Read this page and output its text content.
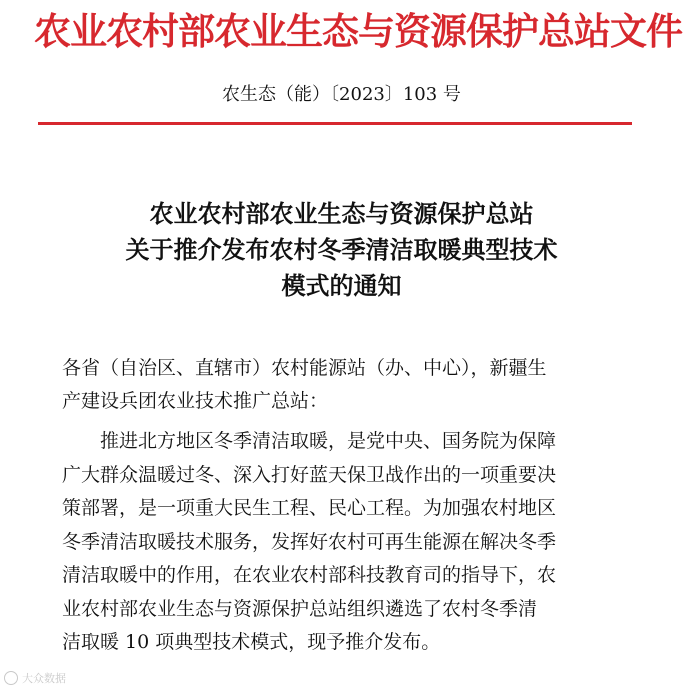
农业农村部农业生态与资源保护总站文件
农生态（能）〔2023〕103 号
农业农村部农业生态与资源保护总站
关于推介发布农村冬季清洁取暖典型技术
模式的通知
各省（自治区、直辖市）农村能源站（办、中心），新疆生
产建设兵团农业技术推广总站：
推进北方地区冬季清洁取暖，是党中央、国务院为保障
广大群众温暖过冬、深入打好蓝天保卫战作出的一项重要决
策部署，是一项重大民生工程、民心工程。为加强农村地区
冬季清洁取暖技术服务，发挥好农村可再生能源在解决冬季
清洁取暖中的作用，在农业农村部科技教育司的指导下，农
业农村部农业生态与资源保护总站组织遴选了农村冬季清
洁取暖 10 项典型技术模式，现予推介发布。
大众数据
